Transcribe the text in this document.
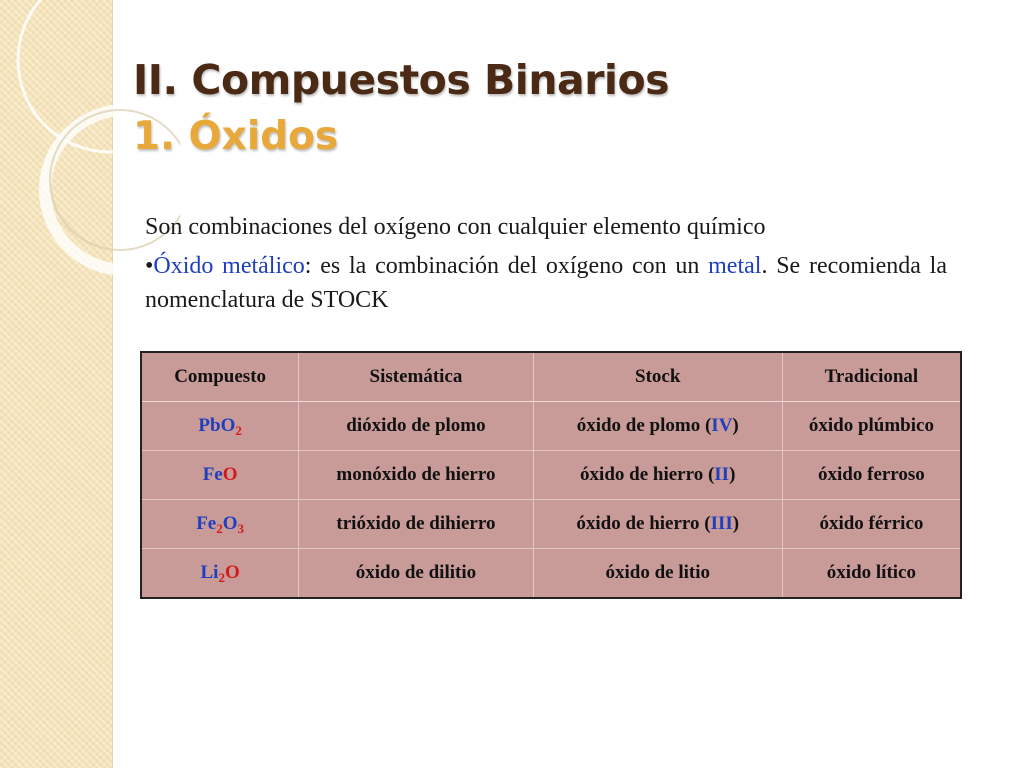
II. Compuestos Binarios
1. Óxidos
Son combinaciones del oxígeno con cualquier elemento químico

•Óxido metálico: es la combinación del oxígeno con un metal. Se recomienda la nomenclatura de STOCK

Compuesto	Sistemática	Stock	Tradicional
PbO$_2$	dióxido de plomo	óxido de plomo (IV)	óxido plúmbico
FeO	monóxido de hierro	óxido de hierro (II)	óxido ferroso
$Fe_2O_3$	trióxido de dihierro	óxido de hierro (III)	óxido férrico
$Li_2O$	óxido de dilitio	óxido de litio	óxido lítico
